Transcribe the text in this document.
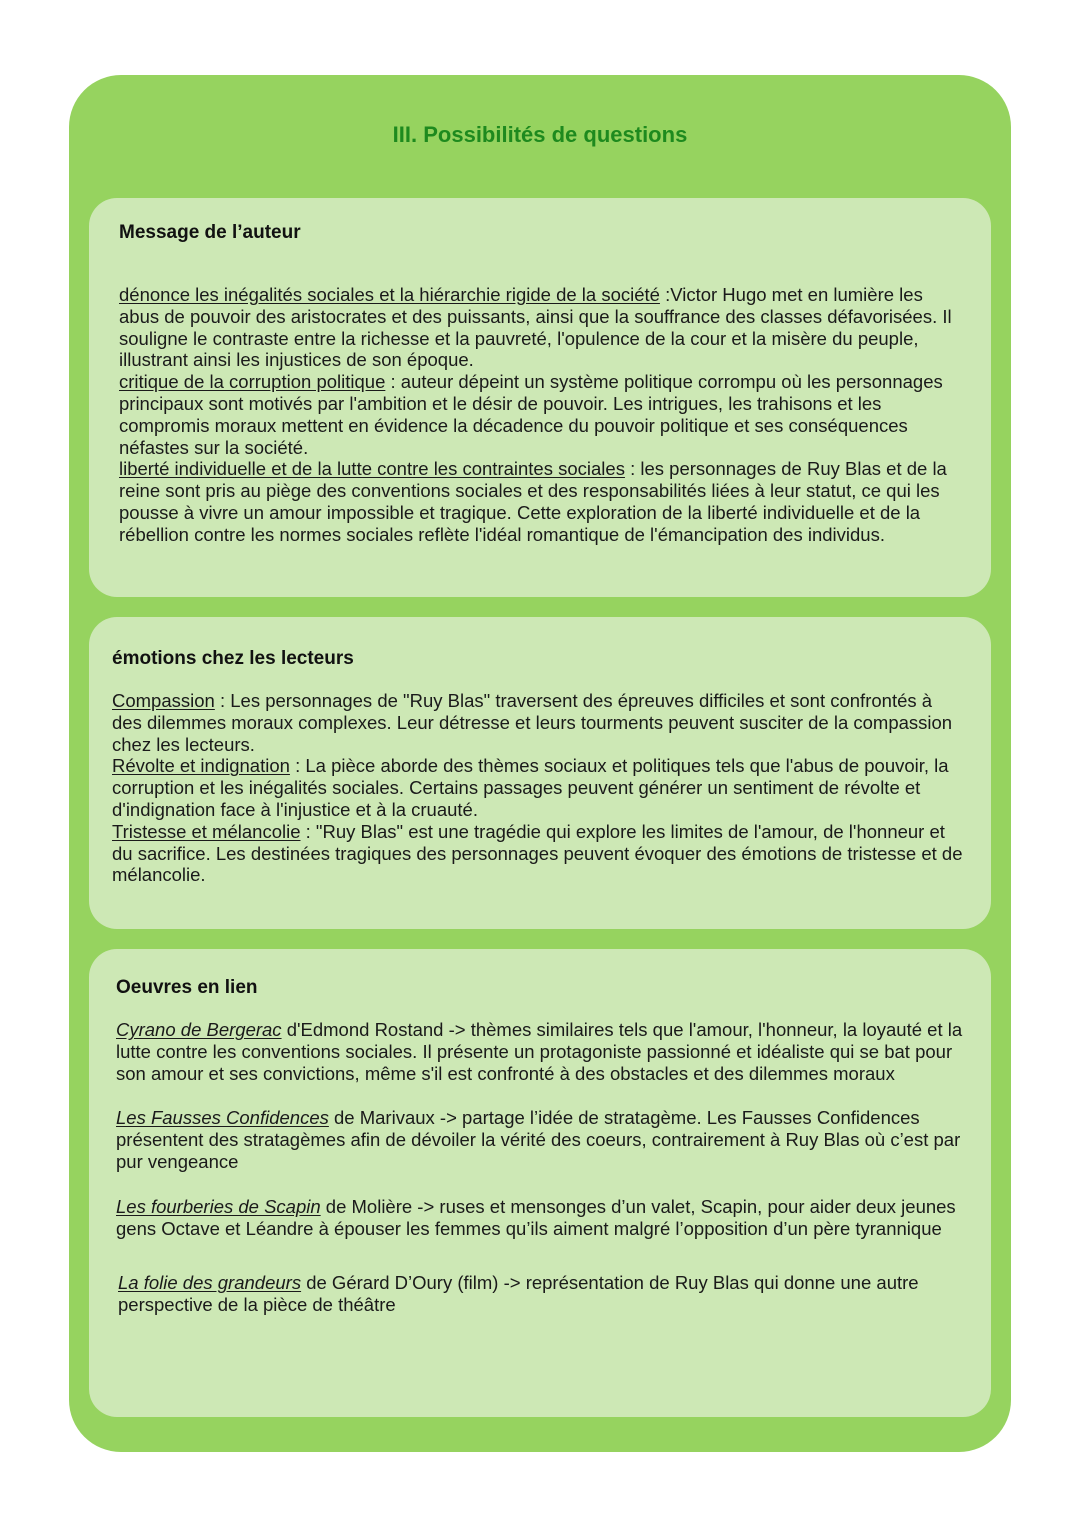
III. Possibilités de questions
Message de l’auteur

dénonce les inégalités sociales et la hiérarchie rigide de la société :Victor Hugo met en lumière les abus de pouvoir des aristocrates et des puissants, ainsi que la souffrance des classes défavorisées. Il souligne le contraste entre la richesse et la pauvreté, l'opulence de la cour et la misère du peuple, illustrant ainsi les injustices de son époque.
critique de la corruption politique : auteur dépeint un système politique corrompu où les personnages principaux sont motivés par l'ambition et le désir de pouvoir. Les intrigues, les trahisons et les compromis moraux mettent en évidence la décadence du pouvoir politique et ses conséquences néfastes sur la société.
liberté individuelle et de la lutte contre les contraintes sociales : les personnages de Ruy Blas et de la reine sont pris au piège des conventions sociales et des responsabilités liées à leur statut, ce qui les pousse à vivre un amour impossible et tragique. Cette exploration de la liberté individuelle et de la rébellion contre les normes sociales reflète l'idéal romantique de l'émancipation des individus.

émotions chez les lecteurs

Compassion : Les personnages de "Ruy Blas" traversent des épreuves difficiles et sont confrontés à des dilemmes moraux complexes. Leur détresse et leurs tourments peuvent susciter de la compassion chez les lecteurs.
Révolte et indignation : La pièce aborde des thèmes sociaux et politiques tels que l'abus de pouvoir, la corruption et les inégalités sociales. Certains passages peuvent générer un sentiment de révolte et d'indignation face à l'injustice et à la cruauté.
Tristesse et mélancolie : "Ruy Blas" est une tragédie qui explore les limites de l'amour, de l'honneur et du sacrifice. Les destinées tragiques des personnages peuvent évoquer des émotions de tristesse et de mélancolie.

Oeuvres en lien

Cyrano de Bergerac d'Edmond Rostand -> thèmes similaires tels que l'amour, l'honneur, la loyauté et la lutte contre les conventions sociales. Il présente un protagoniste passionné et idéaliste qui se bat pour son amour et ses convictions, même s'il est confronté à des obstacles et des dilemmes moraux

Les Fausses Confidences de Marivaux -> partage l’idée de stratagème. Les Fausses Confidences présentent des stratagèmes afin de dévoiler la vérité des coeurs, contrairement à Ruy Blas où c’est par pur vengeance

Les fourberies de Scapin de Molière -> ruses et mensonges d’un valet, Scapin, pour aider deux jeunes gens Octave et Léandre à épouser les femmes qu’ils aiment malgré l’opposition d’un père tyrannique

La folie des grandeurs de Gérard D’Oury (film) -> représentation de Ruy Blas qui donne une autre perspective de la pièce de théâtre
